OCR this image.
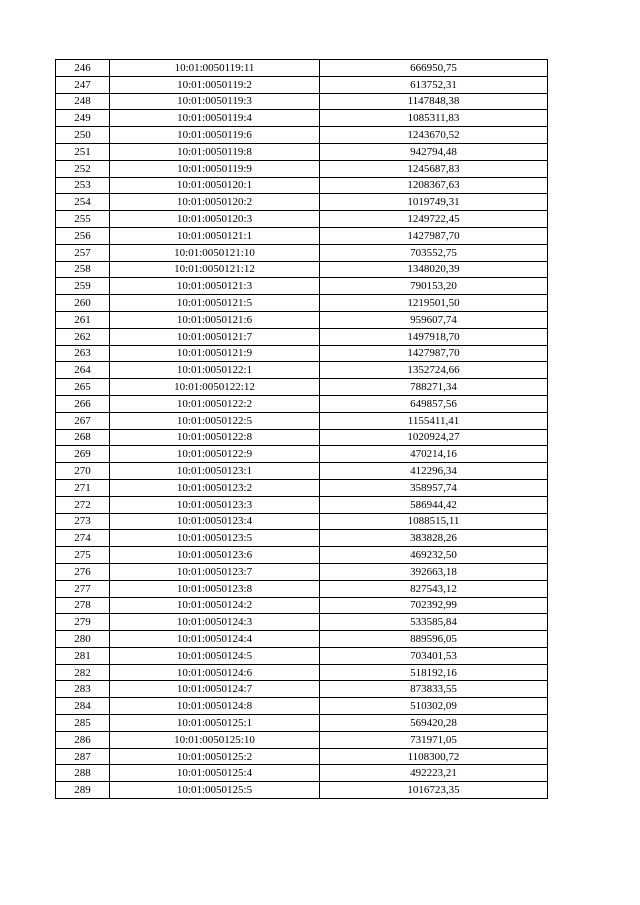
246	10:01:0050119:11	666950,75
247	10:01:0050119:2	613752,31
248	10:01:0050119:3	1147848,38
249	10:01:0050119:4	1085311,83
250	10:01:0050119:6	1243670,52
251	10:01:0050119:8	942794,48
252	10:01:0050119:9	1245687,83
253	10:01:0050120:1	1208367,63
254	10:01:0050120:2	1019749,31
255	10:01:0050120:3	1249722,45
256	10:01:0050121:1	1427987,70
257	10:01:0050121:10	703552,75
258	10:01:0050121:12	1348020,39
259	10:01:0050121:3	790153,20
260	10:01:0050121:5	1219501,50
261	10:01:0050121:6	959607,74
262	10:01:0050121:7	1497918,70
263	10:01:0050121:9	1427987,70
264	10:01:0050122:1	1352724,66
265	10:01:0050122:12	788271,34
266	10:01:0050122:2	649857,56
267	10:01:0050122:5	1155411,41
268	10:01:0050122:8	1020924,27
269	10:01:0050122:9	470214,16
270	10:01:0050123:1	412296,34
271	10:01:0050123:2	358957,74
272	10:01:0050123:3	586944,42
273	10:01:0050123:4	1088515,11
274	10:01:0050123:5	383828,26
275	10:01:0050123:6	469232,50
276	10:01:0050123:7	392663,18
277	10:01:0050123:8	827543,12
278	10:01:0050124:2	702392,99
279	10:01:0050124:3	533585,84
280	10:01:0050124:4	889596,05
281	10:01:0050124:5	703401,53
282	10:01:0050124:6	518192,16
283	10:01:0050124:7	873833,55
284	10:01:0050124:8	510302,09
285	10:01:0050125:1	569420,28
286	10:01:0050125:10	731971,05
287	10:01:0050125:2	1108300,72
288	10:01:0050125:4	492223,21
289	10:01:0050125:5	1016723,35
